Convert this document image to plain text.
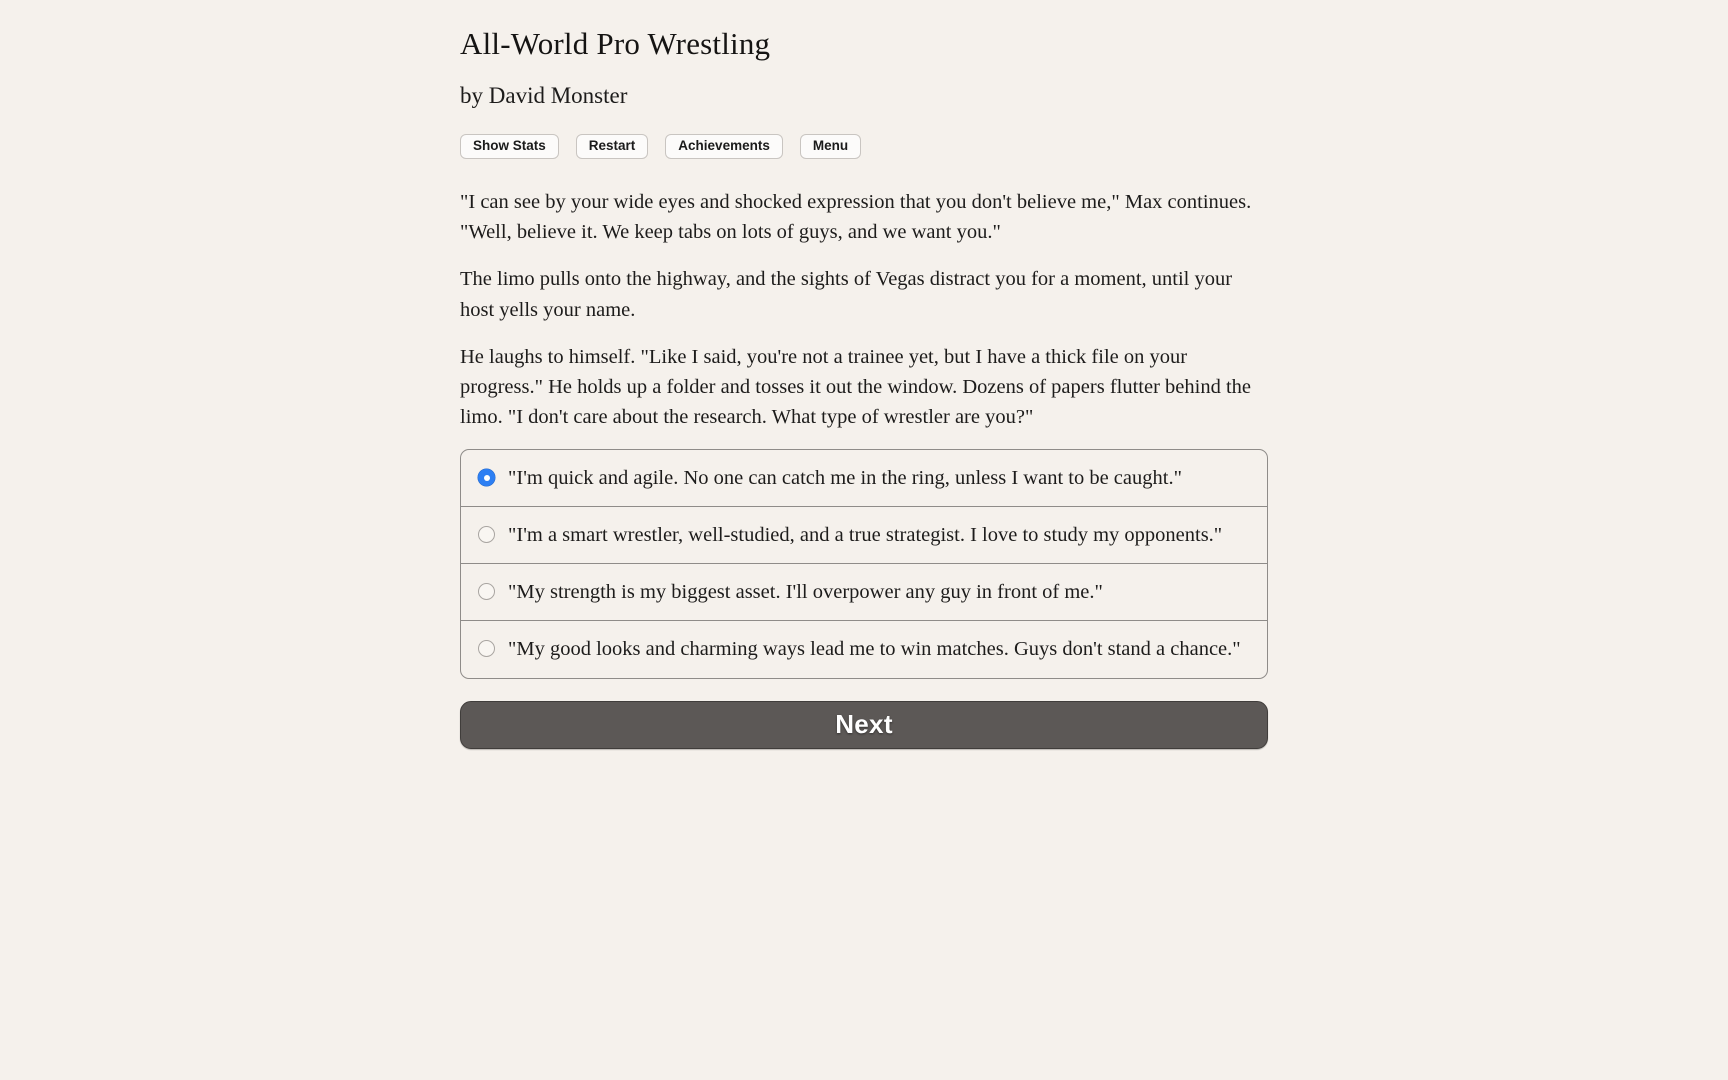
All-World Pro Wrestling
by David Monster
Show Stats	Restart	Achievements	Menu

"I can see by your wide eyes and shocked expression that you don't believe me," Max continues. "Well, believe it. We keep tabs on lots of guys, and we want you."

The limo pulls onto the highway, and the sights of Vegas distract you for a moment, until your host yells your name.

He laughs to himself. "Like I said, you're not a trainee yet, but I have a thick file on your progress." He holds up a folder and tosses it out the window. Dozens of papers flutter behind the limo. "I don't care about the research. What type of wrestler are you?"

"I'm quick and agile. No one can catch me in the ring, unless I want to be caught."
"I'm a smart wrestler, well-studied, and a true strategist. I love to study my opponents."
"My strength is my biggest asset. I'll overpower any guy in front of me."
"My good looks and charming ways lead me to win matches. Guys don't stand a chance."
Next
